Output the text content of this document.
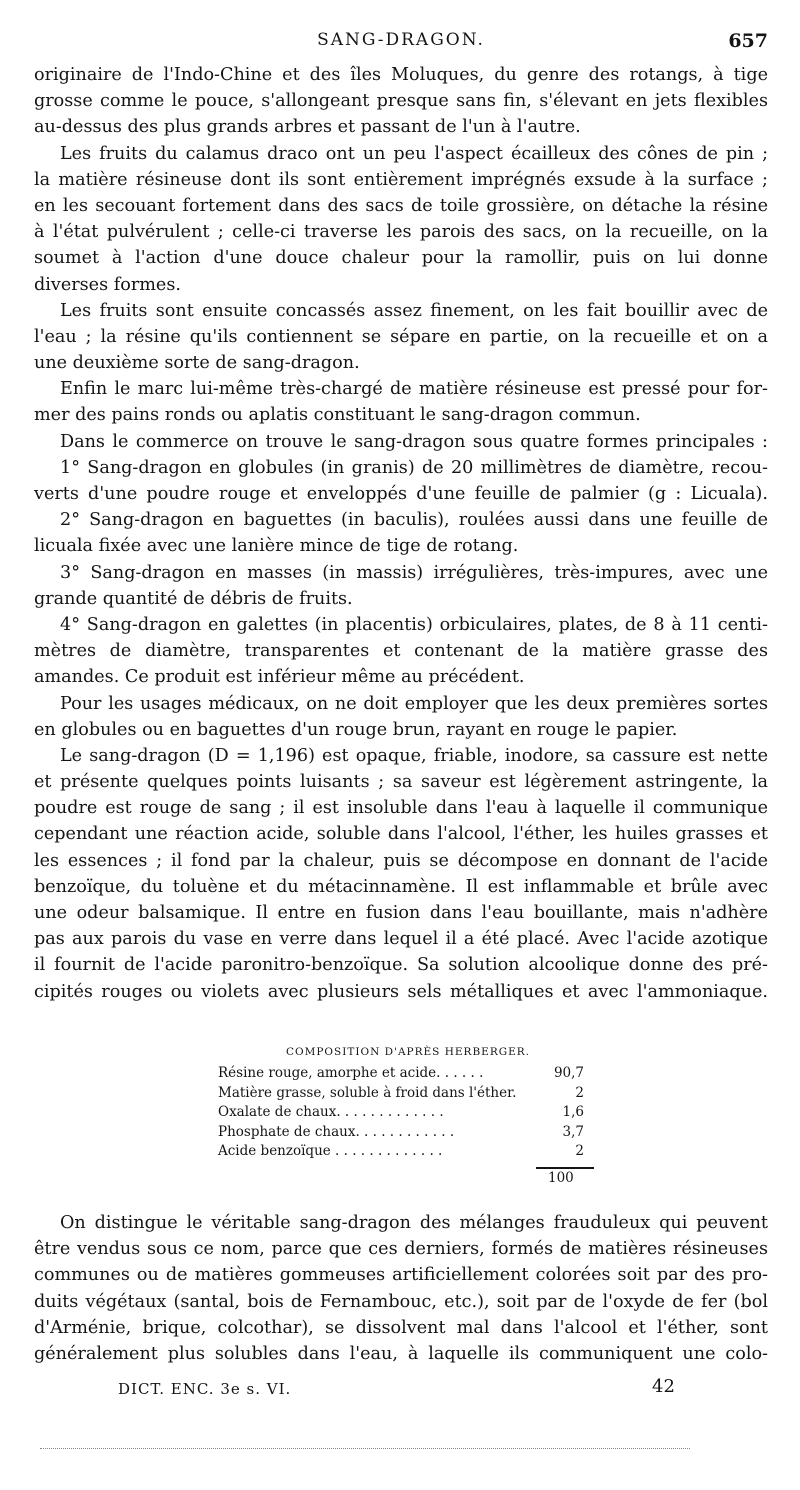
SANG-DRAGON.	657
originaire de l'Indo-Chine et des îles Moluques, du genre des rotangs, à tige
grosse comme le pouce, s'allongeant presque sans fin, s'élevant en jets flexibles
au-dessus des plus grands arbres et passant de l'un à l'autre.
Les fruits du calamus draco ont un peu l'aspect écailleux des cônes de pin ;
la matière résineuse dont ils sont entièrement imprégnés exsude à la surface ;
en les secouant fortement dans des sacs de toile grossière, on détache la résine
à l'état pulvérulent ; celle-ci traverse les parois des sacs, on la recueille, on la
soumet à l'action d'une douce chaleur pour la ramollir, puis on lui donne
diverses formes.
Les fruits sont ensuite concassés assez finement, on les fait bouillir avec de
l'eau ; la résine qu'ils contiennent se sépare en partie, on la recueille et on a
une deuxième sorte de sang-dragon.
Enfin le marc lui-même très-chargé de matière résineuse est pressé pour for-
mer des pains ronds ou aplatis constituant le sang-dragon commun.
Dans le commerce on trouve le sang-dragon sous quatre formes principales :
1° Sang-dragon en globules (in granis) de 20 millimètres de diamètre, recou-
verts d'une poudre rouge et enveloppés d'une feuille de palmier (g : Licuala).
2° Sang-dragon en baguettes (in baculis), roulées aussi dans une feuille de
licuala fixée avec une lanière mince de tige de rotang.
3° Sang-dragon en masses (in massis) irrégulières, très-impures, avec une
grande quantité de débris de fruits.
4° Sang-dragon en galettes (in placentis) orbiculaires, plates, de 8 à 11 centi-
mètres de diamètre, transparentes et contenant de la matière grasse des
amandes. Ce produit est inférieur même au précédent.
Pour les usages médicaux, on ne doit employer que les deux premières sortes
en globules ou en baguettes d'un rouge brun, rayant en rouge le papier.
Le sang-dragon (D = 1,196) est opaque, friable, inodore, sa cassure est nette
et présente quelques points luisants ; sa saveur est légèrement astringente, la
poudre est rouge de sang ; il est insoluble dans l'eau à laquelle il communique
cependant une réaction acide, soluble dans l'alcool, l'éther, les huiles grasses et
les essences ; il fond par la chaleur, puis se décompose en donnant de l'acide
benzoïque, du toluène et du métacinnamène. Il est inflammable et brûle avec
une odeur balsamique. Il entre en fusion dans l'eau bouillante, mais n'adhère
pas aux parois du vase en verre dans lequel il a été placé. Avec l'acide azotique
il fournit de l'acide paronitro-benzoïque. Sa solution alcoolique donne des pré-
cipités rouges ou violets avec plusieurs sels métalliques et avec l'ammoniaque.
COMPOSITION D'APRÈS HERBERGER.
Résine rouge, amorphe et acide. . . . . .	90,7
Matière grasse, soluble à froid dans l'éther.	2
Oxalate de chaux. . . . . . . . . . . . .	1,6
Phosphate de chaux. . . . . . . . . . . .	3,7
Acide benzoïque . . . . . . . . . . . . .	2
100
On distingue le véritable sang-dragon des mélanges frauduleux qui peuvent
être vendus sous ce nom, parce que ces derniers, formés de matières résineuses
communes ou de matières gommeuses artificiellement colorées soit par des pro-
duits végétaux (santal, bois de Fernambouc, etc.), soit par de l'oxyde de fer (bol
d'Arménie, brique, colcothar), se dissolvent mal dans l'alcool et l'éther, sont
généralement plus solubles dans l'eau, à laquelle ils communiquent une colo-
DICT. ENC. 3e s. VI.	42
